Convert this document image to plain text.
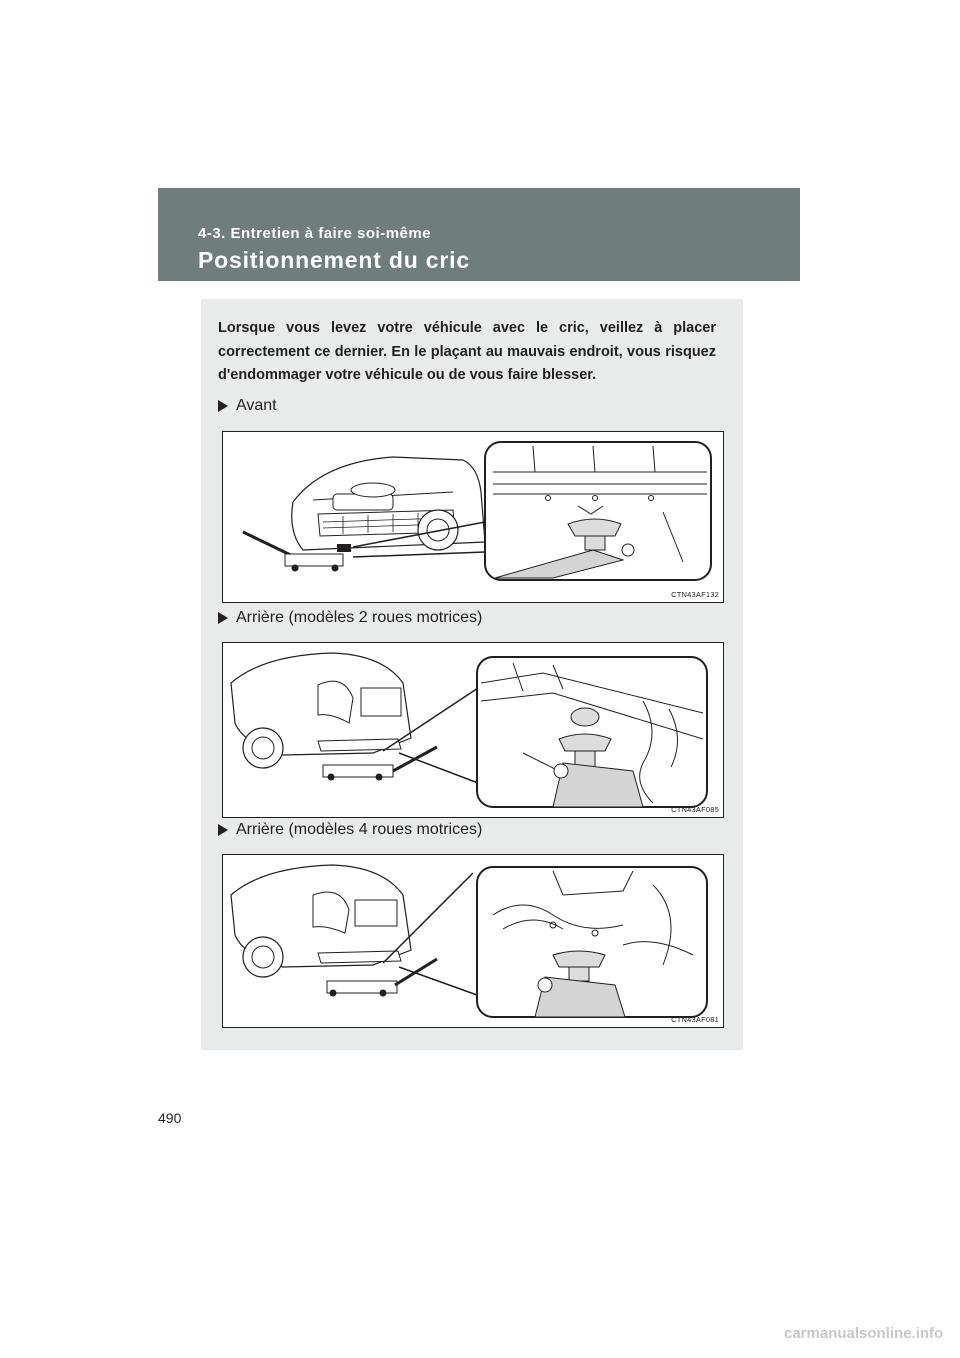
4-3. Entretien à faire soi-même
Positionnement du cric
Lorsque vous levez votre véhicule avec le cric, veillez à placer correctement ce dernier. En le plaçant au mauvais endroit, vous risquez d'endommager votre véhicule ou de vous faire blesser.
Avant
CTN43AF132
Arrière (modèles 2 roues motrices)
CTN43AF085
Arrière (modèles 4 roues motrices)
CTN43AF081
490
carmanualsonline.info
